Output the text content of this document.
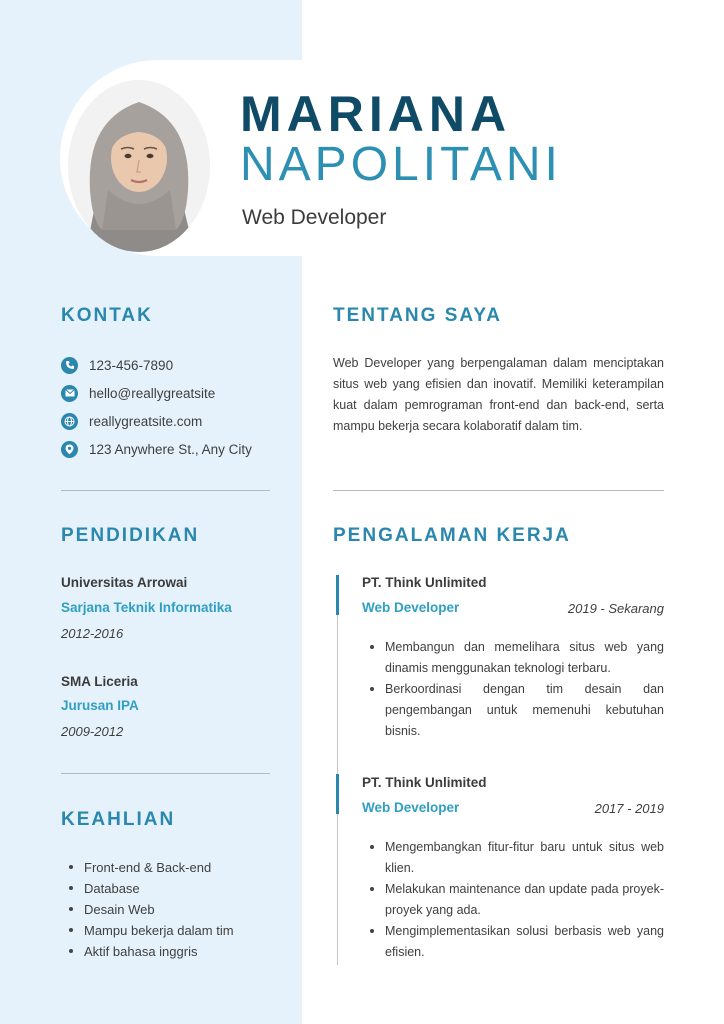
MARIANA
NAPOLITANI
Web Developer
KONTAK
123-456-7890
hello@reallygreatsite
reallygreatsite.com
123 Anywhere St., Any City
PENDIDIKAN
Universitas Arrowai
Sarjana Teknik Informatika
2012-2016
SMA Liceria
Jurusan IPA
2009-2012
KEAHLIAN
Front-end & Back-end
Database
Desain Web
Mampu bekerja dalam tim
Aktif bahasa inggris
TENTANG SAYA
Web Developer yang berpengalaman dalam menciptakan situs web yang efisien dan inovatif. Memiliki keterampilan kuat dalam pemrograman front-end dan back-end, serta mampu bekerja secara kolaboratif dalam tim.
PENGALAMAN KERJA
PT. Think Unlimited
Web Developer	2019 - Sekarang
Membangun dan memelihara situs web yang dinamis menggunakan teknologi terbaru.
Berkoordinasi dengan tim desain dan pengembangan untuk memenuhi kebutuhan bisnis.
PT. Think Unlimited
Web Developer	2017 - 2019
Mengembangkan fitur-fitur baru untuk situs web klien.
Melakukan maintenance dan update pada proyek-proyek yang ada.
Mengimplementasikan solusi berbasis web yang efisien.
